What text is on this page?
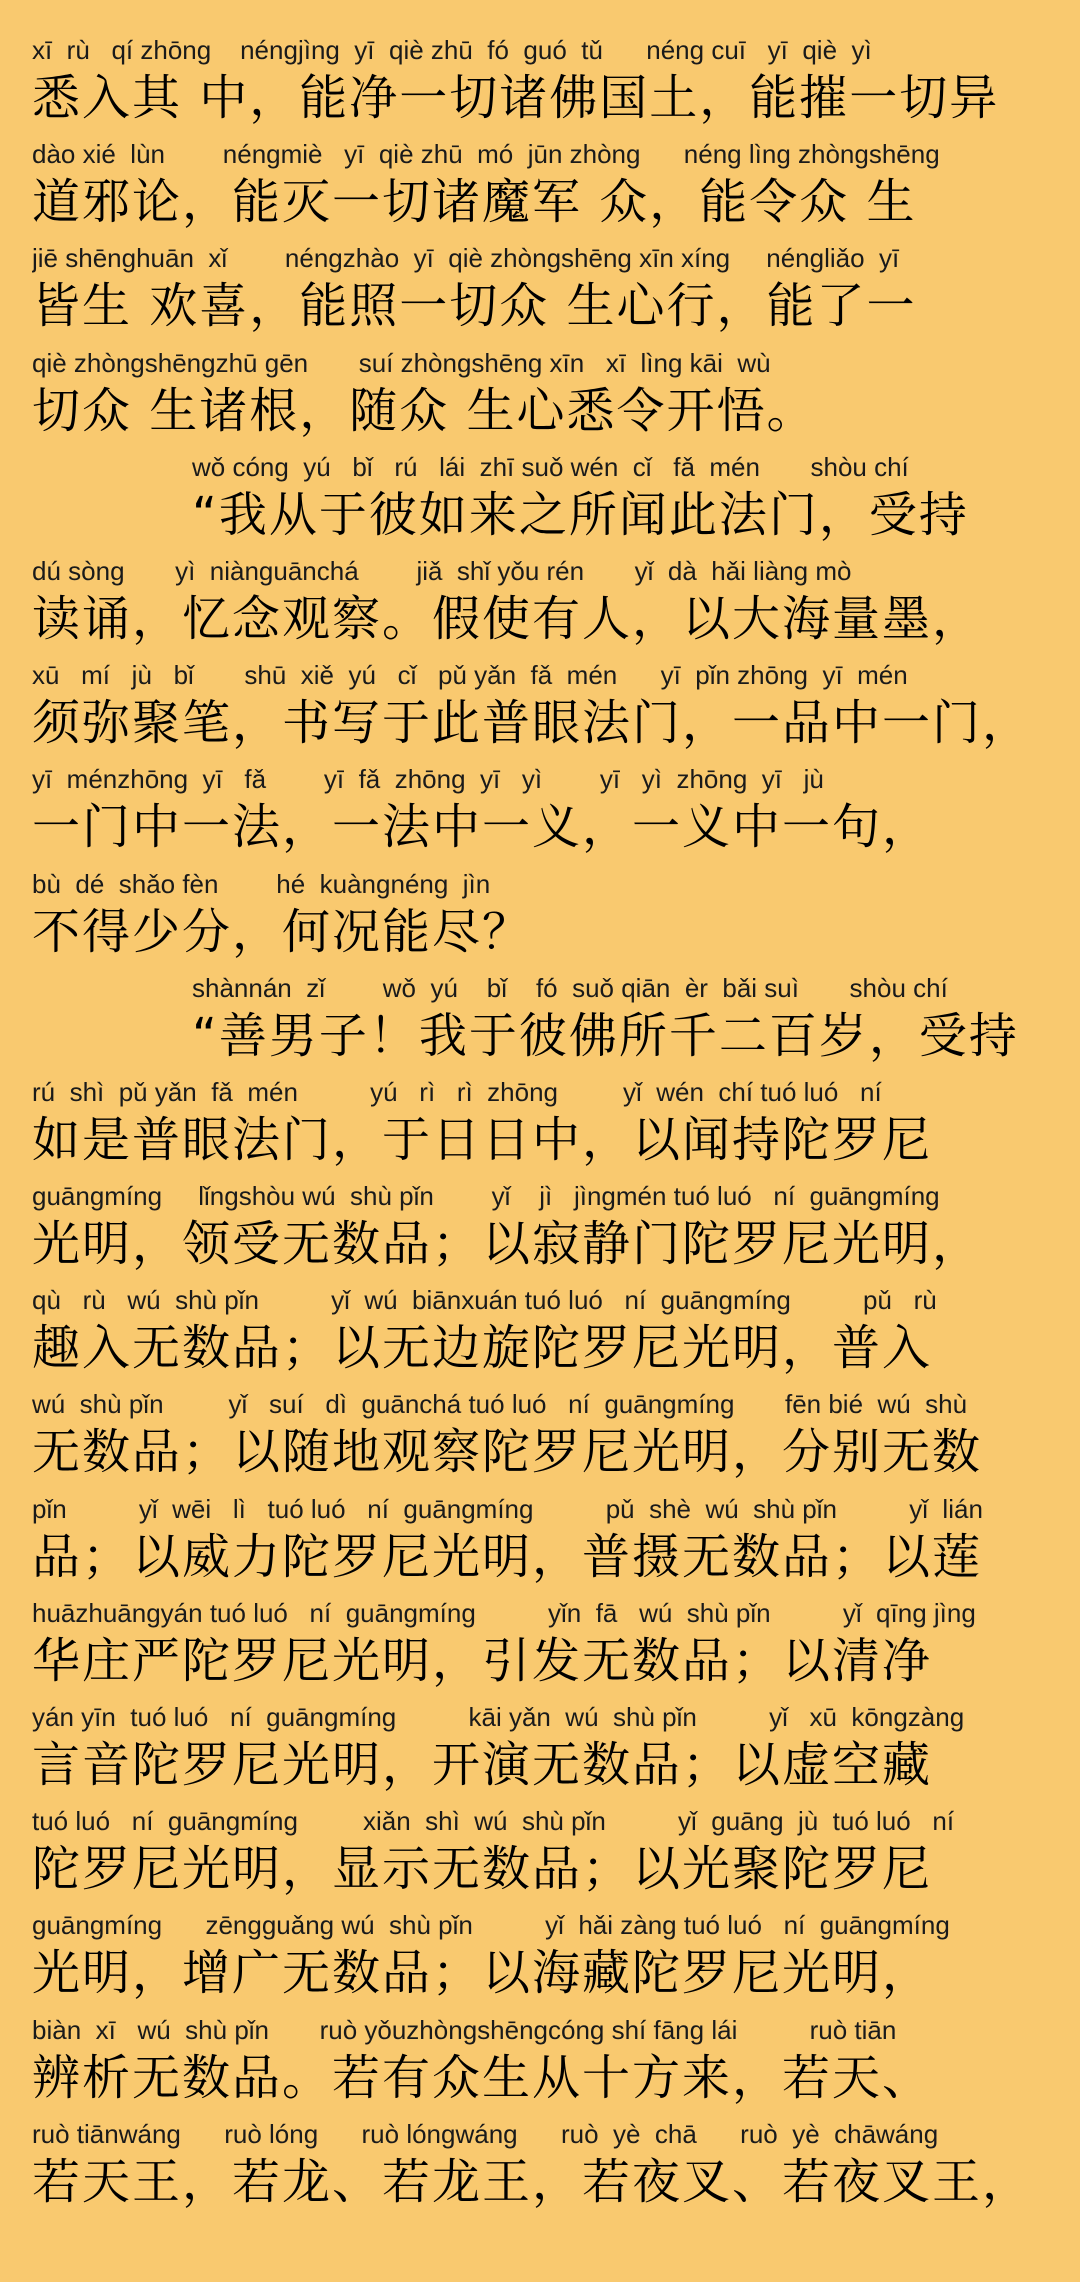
xī  rù   qí zhōng    néngjìng  yī  qiè zhū  fó  guó  tǔ      néng cuī   yī  qiè  yì
悉入其 中，能净一切诸佛国土，能摧一切异
dào xié  lùn        néngmiè   yī  qiè zhū  mó  jūn zhòng      néng lìng zhòngshēng
道邪论，能灭一切诸魔军 众，能令众 生
jiē shēnghuān  xǐ        néngzhào  yī  qiè zhòngshēng xīn xíng     néngliǎo  yī
皆生 欢喜，能照一切众 生心行，能了一
qiè zhòngshēngzhū gēn       suí zhòngshēng xīn   xī  lìng kāi  wù
切众 生诸根，随众 生心悉令开悟。
wǒ cóng  yú   bǐ   rú   lái  zhī suǒ wén  cǐ   fǎ  mén       shòu chí
“我从于彼如来之所闻此法门，受持
dú sòng       yì  niànguānchá        jiǎ  shǐ yǒu rén       yǐ  dà  hǎi liàng mò
读诵，忆念观察。假使有人，以大海量墨，
xū   mí   jù   bǐ       shū  xiě  yú   cǐ   pǔ yǎn  fǎ  mén      yī  pǐn zhōng  yī  mén
须弥聚笔，书写于此普眼法门，一品中一门，
yī  ménzhōng  yī   fǎ        yī  fǎ  zhōng  yī   yì        yī   yì  zhōng  yī   jù
一门中一法，一法中一义，一义中一句，
bù  dé  shǎo fèn        hé  kuàngnéng  jìn
不得少分，何况能尽？
shànnán  zǐ        wǒ  yú    bǐ    fó  suǒ qiān  èr  bǎi suì       shòu chí
“善男子！我于彼佛所千二百岁，受持
rú  shì  pǔ yǎn  fǎ  mén          yú   rì   rì  zhōng         yǐ  wén  chí tuó luó   ní
如是普眼法门，于日日中，以闻持陀罗尼
guāngmíng     lǐngshòu wú  shù pǐn        yǐ    jì   jìngmén tuó luó   ní  guāngmíng
光明，领受无数品；以寂静门陀罗尼光明，
qù   rù   wú  shù pǐn          yǐ  wú  biānxuán tuó luó   ní  guāngmíng          pǔ   rù
趣入无数品；以无边旋陀罗尼光明，普入
wú  shù pǐn         yǐ   suí   dì  guānchá tuó luó   ní  guāngmíng       fēn bié  wú  shù
无数品；以随地观察陀罗尼光明，分别无数
pǐn          yǐ  wēi   lì   tuó luó   ní  guāngmíng          pǔ  shè  wú  shù pǐn          yǐ  lián
品；以威力陀罗尼光明，普摄无数品；以莲
huāzhuāngyán tuó luó   ní  guāngmíng          yǐn  fā   wú  shù pǐn          yǐ  qīng jìng
华庄严陀罗尼光明，引发无数品；以清净
yán yīn  tuó luó   ní  guāngmíng          kāi yǎn  wú  shù pǐn          yǐ   xū  kōngzàng
言音陀罗尼光明，开演无数品；以虚空藏
tuó luó   ní  guāngmíng         xiǎn  shì  wú  shù pǐn          yǐ  guāng  jù  tuó luó   ní
陀罗尼光明，显示无数品；以光聚陀罗尼
guāngmíng      zēngguǎng wú  shù pǐn          yǐ  hǎi zàng tuó luó   ní  guāngmíng
光明，增广无数品；以海藏陀罗尼光明，
biàn  xī   wú  shù pǐn       ruò yǒuzhòngshēngcóng shí fāng lái          ruò tiān
辨析无数品。若有众生从十方来，若天、
ruò tiānwáng      ruò lóng      ruò lóngwáng      ruò  yè  chā      ruò  yè  chāwáng
若天王，若龙、若龙王，若夜叉、若夜叉王，
